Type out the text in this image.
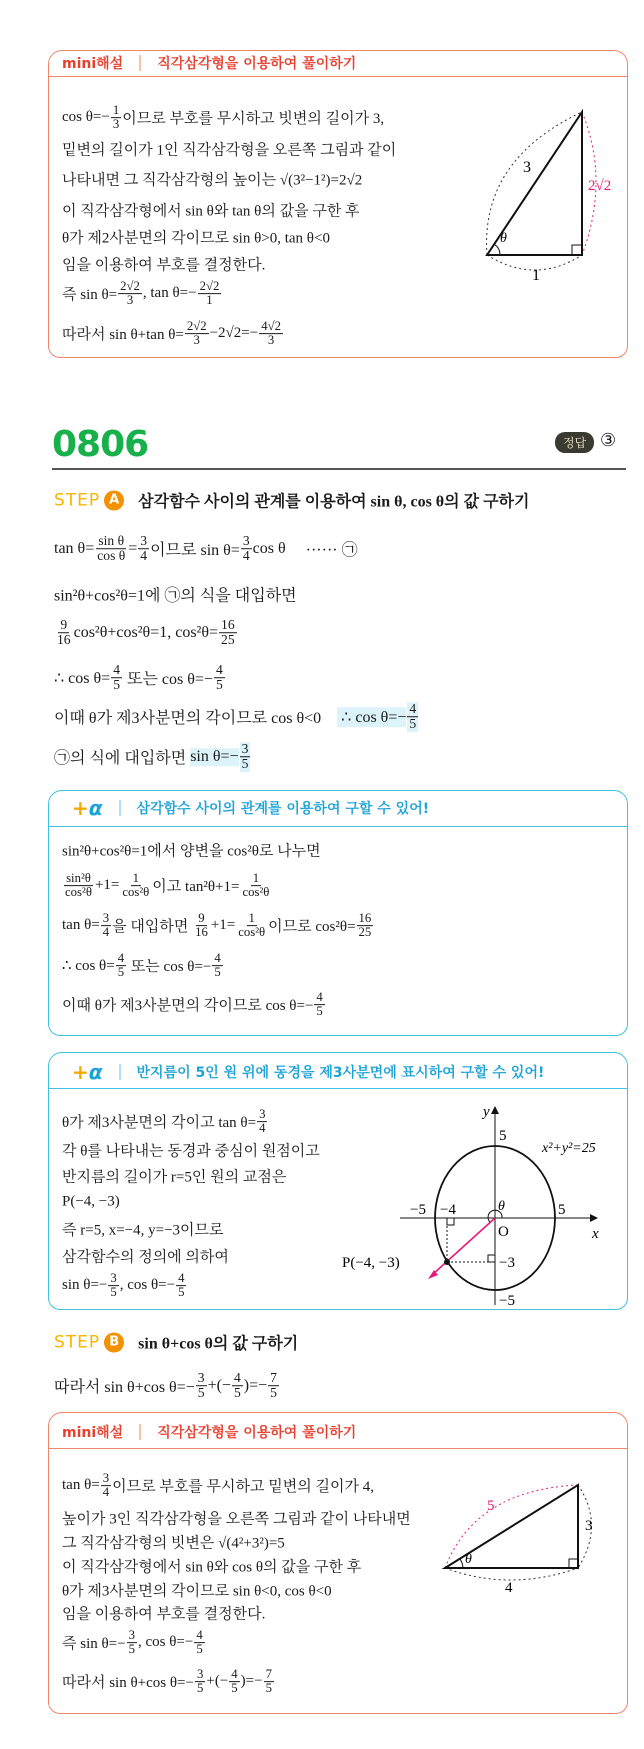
mini해설 직각삼각형을 이용하여 풀이하기
$\cos \theta=- \frac{1}{3}$ 이므로 부호를 무시하고 빗변의 길이가 3,
밑변의 길이가 1인 직각삼각형을 오른쪽 그림과 같이
나타내면 그 직각삼각형의 높이는 √(3²−1²)=2√2
이 직각삼각형에서 sin θ와 tan θ의 값을 구한 후
θ가 제2사분면의 각이므로 sin θ>0, tan θ<0
임을 이용하여 부호를 결정한다.
즉 $\sin \theta= \frac{2√2}{3}$ , $\tan \theta=- \frac{2√2}{1}$
따라서 sin θ+tan $\theta= \frac{2√2}{3} -2√2=- \frac{4√2}{3}$
3
2√2
1
θ
0806	정답 ③
STEP A	삼각함수 사이의 관계를 이용하여 sin θ, cos θ의 값 구하기
$\tan \theta= \frac{\text{sin θ}}{\text{cos θ}} = \frac{3}{4}$ 이므로 $\sin \theta= \frac{3}{4}$ cos θ ······ ㉠
sin²θ+cos²θ=1에 ㉠의 식을 대입하면
$\frac{9}{16} \cos^2\theta+\cos^2\theta=1$, $\cos^2\theta= \frac{16}{25}$
∴ $\cos \theta= \frac{4}{5}$ 또는 $\cos \theta=- \frac{4}{5}$
이때 θ가 제3사분면의 각이므로 cos θ<0 ∴ $\cos \theta=- \frac{4}{5}$
㉠의 식에 대입하면 $\sin \theta=- \frac{3}{5}$
+α 삼각함수 사이의 관계를 이용하여 구할 수 있어!
sin²θ+cos²θ=1에서 양변을 cos²θ로 나누면
$\frac{\text{sin²θ}}{\text{cos²θ}} +1= \frac{1}{\text{cos²θ}}$ 이고 $\tan^2\theta+1= \frac{1}{\text{cos²θ}}$
$\tan \theta= \frac{3}{4}$ 을 대입하면 $\frac{9}{16} +1= \frac{1}{\text{cos²θ}}$ 이므로 $\cos^2\theta= \frac{16}{25}$
∴ $\cos \theta= \frac{4}{5}$ 또는 $\cos \theta=- \frac{4}{5}$
이때 θ가 제3사분면의 각이므로 $\cos \theta=- \frac{4}{5}$
+α 반지름이 5인 원 위에 동경을 제3사분면에 표시하여 구할 수 있어!
θ가 제3사분면의 각이고 $\tan \theta= \frac{3}{4}$
각 θ를 나타내는 동경과 중심이 원점이고
반지름의 길이가 r=5인 원의 교점은
P(−4, −3)
즉 r=5, x=−4, y=−3이므로
삼각함수의 정의에 의하여
$\sin \theta=- \frac{3}{5}$ , $\cos \theta=- \frac{4}{5}$
y
x
O
5
−5
−5 −4	5
−3
θ
x²+y²=25
P(−4, −3)
STEP B	sin θ+cos θ의 값 구하기
따라서 sin θ+cos $\theta=- \frac{3}{5}$ +(− $\frac{4}{5}$ )=− $\frac{7}{5}$
mini해설 직각삼각형을 이용하여 풀이하기
$\tan \theta= \frac{3}{4}$ 이므로 부호를 무시하고 밑변의 길이가 4,
높이가 3인 직각삼각형을 오른쪽 그림과 같이 나타내면
그 직각삼각형의 빗변은 √(4²+3²)=5
이 직각삼각형에서 sin θ와 cos θ의 값을 구한 후
θ가 제3사분면의 각이므로 sin θ<0, cos θ<0
임을 이용하여 부호를 결정한다.
즉 $\sin \theta=- \frac{3}{5}$ , $\cos \theta=- \frac{4}{5}$
따라서 sin θ+cos $\theta=- \frac{3}{5}$ +(− $\frac{4}{5}$ )=− $\frac{7}{5}$
5
3
4
θ
